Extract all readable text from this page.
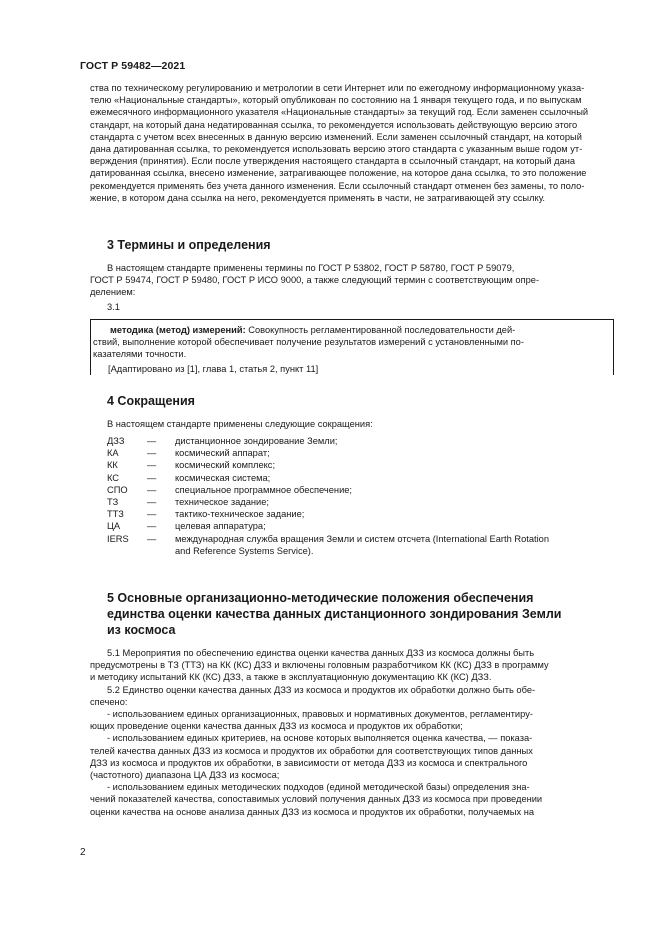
ГОСТ Р 59482—2021
ства по техническому регулированию и метрологии в сети Интернет или по ежегодному информационному указа-
телю «Национальные стандарты», который опубликован по состоянию на 1 января текущего года, и по выпускам
ежемесячного информационного указателя «Национальные стандарты» за текущий год. Если заменен ссылочный
стандарт, на который дана недатированная ссылка, то рекомендуется использовать действующую версию этого
стандарта с учетом всех внесенных в данную версию изменений. Если заменен ссылочный стандарт, на который
дана датированная ссылка, то рекомендуется использовать версию этого стандарта с указанным выше годом ут-
верждения (принятия). Если после утверждения настоящего стандарта в ссылочный стандарт, на который дана
датированная ссылка, внесено изменение, затрагивающее положение, на которое дана ссылка, то это положение
рекомендуется применять без учета данного изменения. Если ссылочный стандарт отменен без замены, то поло-
жение, в котором дана ссылка на него, рекомендуется применять в части, не затрагивающей эту ссылку.
3 Термины и определения
В настоящем стандарте применены термины по ГОСТ Р 53802, ГОСТ Р 58780, ГОСТ Р 59079,
ГОСТ Р 59474, ГОСТ Р 59480, ГОСТ Р ИСО 9000, а также следующий термин с соответствующим опре-
делением:
3.1
методика (метод) измерений: Совокупность регламентированной последовательности дей-
ствий, выполнение которой обеспечивает получение результатов измерений с установленными по-
казателями точности.
[Адаптировано из [1], глава 1, статья 2, пункт 11]
4 Сокращения
В настоящем стандарте применены следующие сокращения:
ДЗЗ	—	дистанционное зондирование Земли;
КА	—	космический аппарат;
КК	—	космический комплекс;
КС	—	космическая система;
СПО	—	специальное программное обеспечение;
ТЗ	—	техническое задание;
ТТЗ	—	тактико-техническое задание;
ЦА	—	целевая аппаратура;
IERS	—	международная служба вращения Земли и систем отсчета (International Earth Rotation
and Reference Systems Service).
5 Основные организационно-методические положения обеспечения
единства оценки качества данных дистанционного зондирования Земли
из космоса
5.1 Мероприятия по обеспечению единства оценки качества данных ДЗЗ из космоса должны быть
предусмотрены в ТЗ (ТТЗ) на КК (КС) ДЗЗ и включены головным разработчиком КК (КС) ДЗЗ в программу
и методику испытаний КК (КС) ДЗЗ, а также в эксплуатационную документацию КК (КС) ДЗЗ.
5.2 Единство оценки качества данных ДЗЗ из космоса и продуктов их обработки должно быть обе-
спечено:
- использованием единых организационных, правовых и нормативных документов, регламентиру-
ющих проведение оценки качества данных ДЗЗ из космоса и продуктов их обработки;
- использованием единых критериев, на основе которых выполняется оценка качества, — показа-
телей качества данных ДЗЗ из космоса и продуктов их обработки для соответствующих типов данных
ДЗЗ из космоса и продуктов их обработки, в зависимости от метода ДЗЗ из космоса и спектрального
(частотного) диапазона ЦА ДЗЗ из космоса;
- использованием единых методических подходов (единой методической базы) определения зна-
чений показателей качества, сопоставимых условий получения данных ДЗЗ из космоса при проведении
оценки качества на основе анализа данных ДЗЗ из космоса и продуктов их обработки, получаемых на
2
